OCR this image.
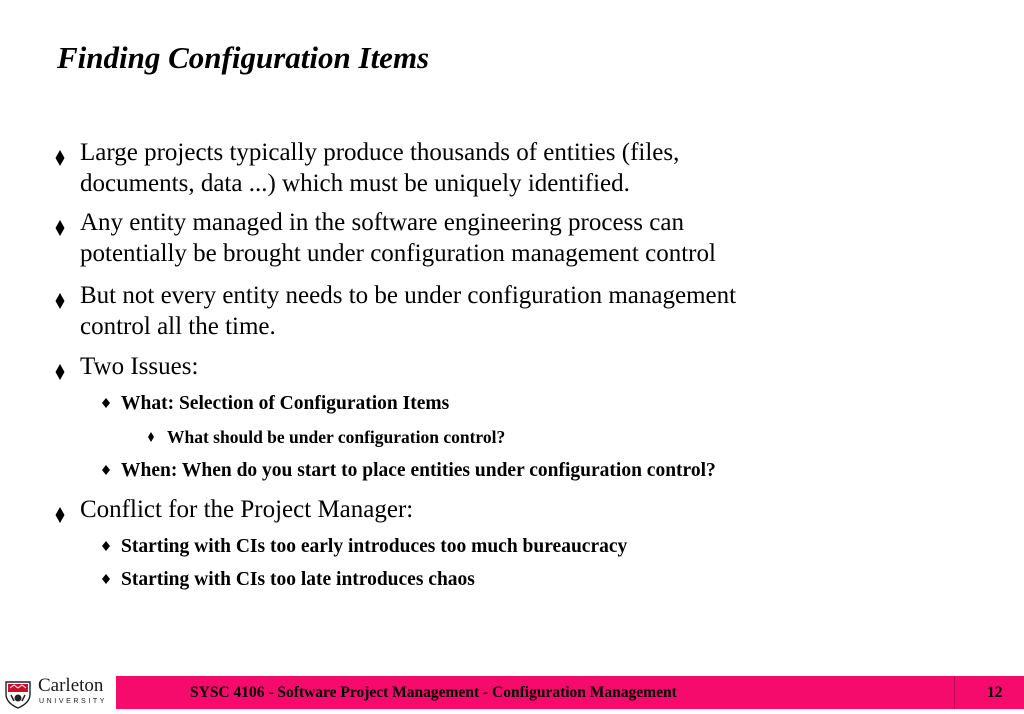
Finding Configuration Items
Large projects typically produce thousands of entities (files,
documents, data ...) which must be uniquely identified.
Any entity managed in the software engineering process can
potentially be brought under configuration management control
But not every entity needs to be under configuration management
control all the time.
Two Issues:
What: Selection of Configuration Items
What should be under configuration control?
When: When do you start to place entities under configuration control?
Conflict for the Project Manager:
Starting with CIs too early introduces too much bureaucracy
Starting with CIs too late introduces chaos
Carleton
UNIVERSITY
SYSC 4106 - Software Project Management - Configuration Management	12
